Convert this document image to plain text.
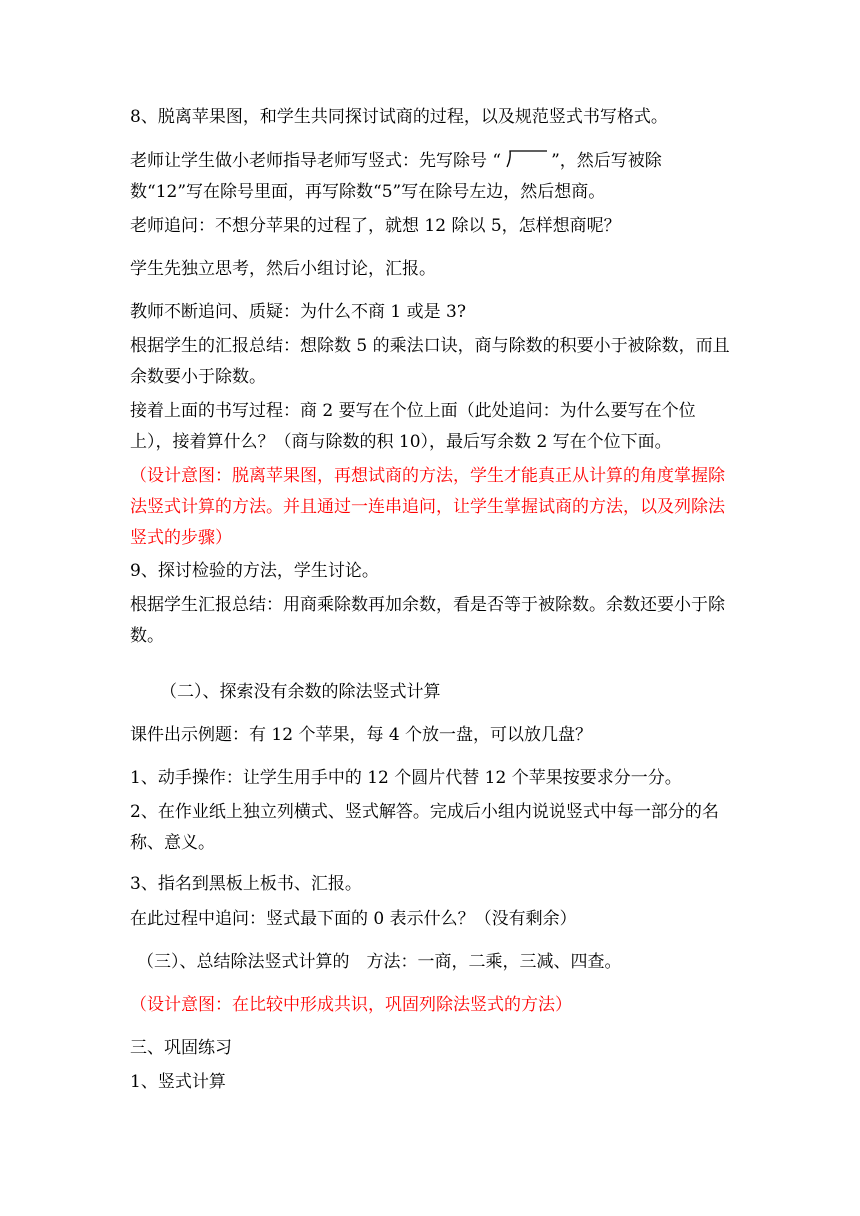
8、脱离苹果图，和学生共同探讨试商的过程，以及规范竖式书写格式。

老师让学生做小老师指导老师写竖式：先写除号 “	”，然后写被除数“12”写在除号里面，再写除数“5”写在除号左边，然后想商。

老师追问：不想分苹果的过程了，就想 12 除以 5，怎样想商呢？

学生先独立思考，然后小组讨论，汇报。

教师不断追问、质疑：为什么不商 1 或是 3?

根据学生的汇报总结：想除数 5 的乘法口诀，商与除数的积要小于被除数，而且余数要小于除数。

接着上面的书写过程：商 2 要写在个位上面（此处追问：为什么要写在个位上），接着算什么？（商与除数的积 10），最后写余数 2 写在个位下面。

（设计意图：脱离苹果图，再想试商的方法，学生才能真正从计算的角度掌握除法竖式计算的方法。并且通过一连串追问，让学生掌握试商的方法，以及列除法竖式的步骤）

9、探讨检验的方法，学生讨论。

根据学生汇报总结：用商乘除数再加余数，看是否等于被除数。余数还要小于除数。

（二）、探索没有余数的除法竖式计算

课件出示例题：有 12 个苹果，每 4 个放一盘，可以放几盘？

1、动手操作：让学生用手中的 12 个圆片代替 12 个苹果按要求分一分。

2、在作业纸上独立列横式、竖式解答。完成后小组内说说竖式中每一部分的名称、意义。

3、指名到黑板上板书、汇报。

在此过程中追问：竖式最下面的 0 表示什么？（没有剩余）

（三）、总结除法竖式计算的　方法：一商，二乘，三减、四查。

（设计意图：在比较中形成共识，巩固列除法竖式的方法）

三、巩固练习

1、竖式计算
